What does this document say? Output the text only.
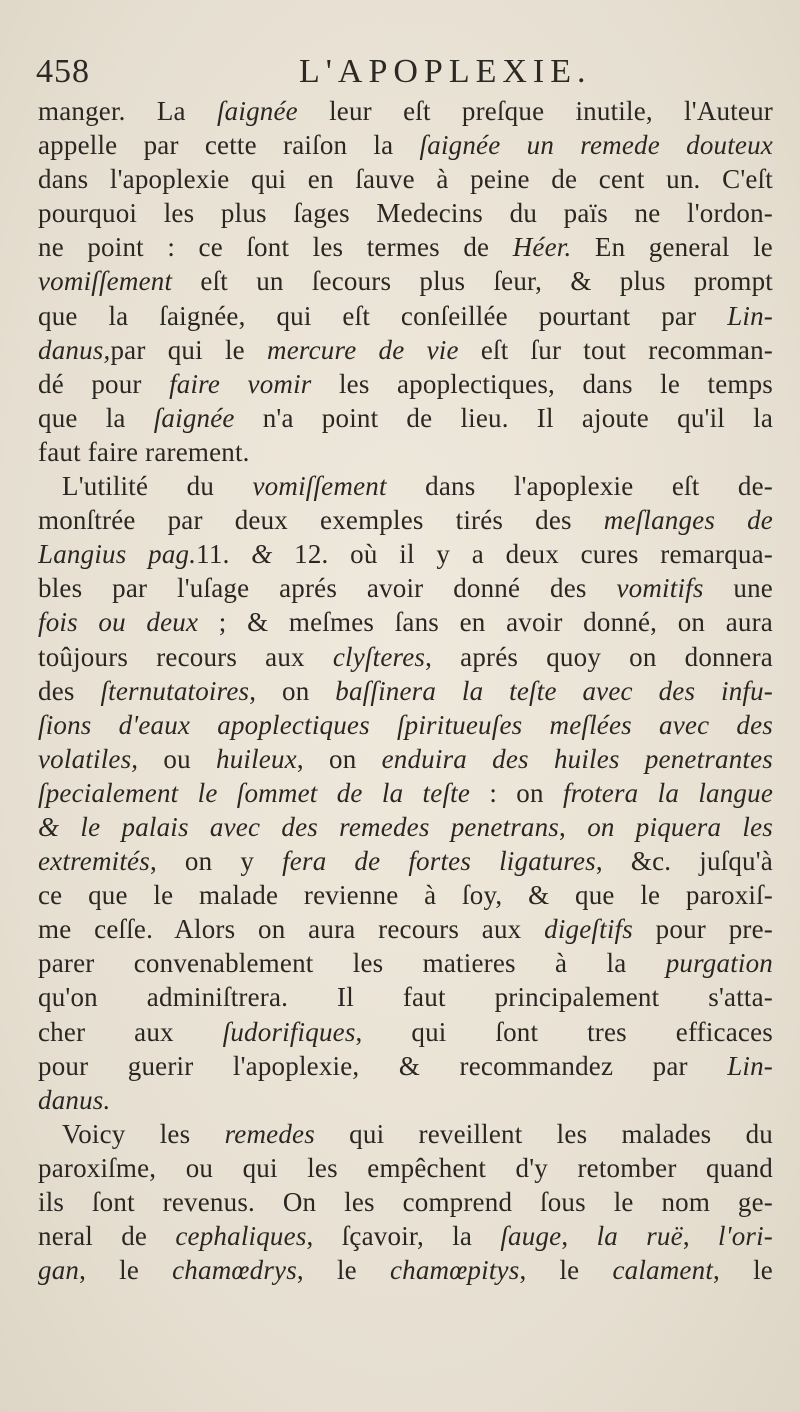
458	L'APOPLEXIE.
manger. La ſaignée leur eſt preſque inutile, l'Auteur
appelle par cette raiſon la ſaignée un remede douteux
dans l'apoplexie qui en ſauve à peine de cent un. C'eſt
pourquoi les plus ſages Medecins du païs ne l'ordon-
ne point : ce ſont les termes de Héer. En general le
vomiſſement eſt un ſecours plus ſeur, & plus prompt
que la ſaignée, qui eſt conſeillée pourtant par Lin-
danus,par qui le mercure de vie eſt ſur tout recomman-
dé pour faire vomir les apoplectiques, dans le temps
que la ſaignée n'a point de lieu. Il ajoute qu'il la
faut faire rarement.
L'utilité du vomiſſement dans l'apoplexie eſt de-
monſtrée par deux exemples tirés des meſlanges de
Langius pag.11. & 12. où il y a deux cures remarqua-
bles par l'uſage aprés avoir donné des vomitifs une
fois ou deux ; & meſmes ſans en avoir donné, on aura
toûjours recours aux clyſteres, aprés quoy on donnera
des ſternutatoires, on baſſinera la teſte avec des infu-
ſions d'eaux apoplectiques ſpiritueuſes meſlées avec des
volatiles, ou huileux, on enduira des huiles penetrantes
ſpecialement le ſommet de la teſte : on frotera la langue
& le palais avec des remedes penetrans, on piquera les
extremités, on y fera de fortes ligatures, &c. juſqu'à
ce que le malade revienne à ſoy, & que le paroxiſ-
me ceſſe. Alors on aura recours aux digeſtifs pour pre-
parer convenablement les matieres à la purgation
qu'on adminiſtrera. Il faut principalement s'atta-
cher aux ſudorifiques, qui ſont tres efficaces
pour guerir l'apoplexie, & recommandez par Lin-
danus.
Voicy les remedes qui reveillent les malades du
paroxiſme, ou qui les empêchent d'y retomber quand
ils ſont revenus. On les comprend ſous le nom ge-
neral de cephaliques, ſçavoir, la ſauge, la ruë, l'ori-
gan, le chamœdrys, le chamœpitys, le calament, le
